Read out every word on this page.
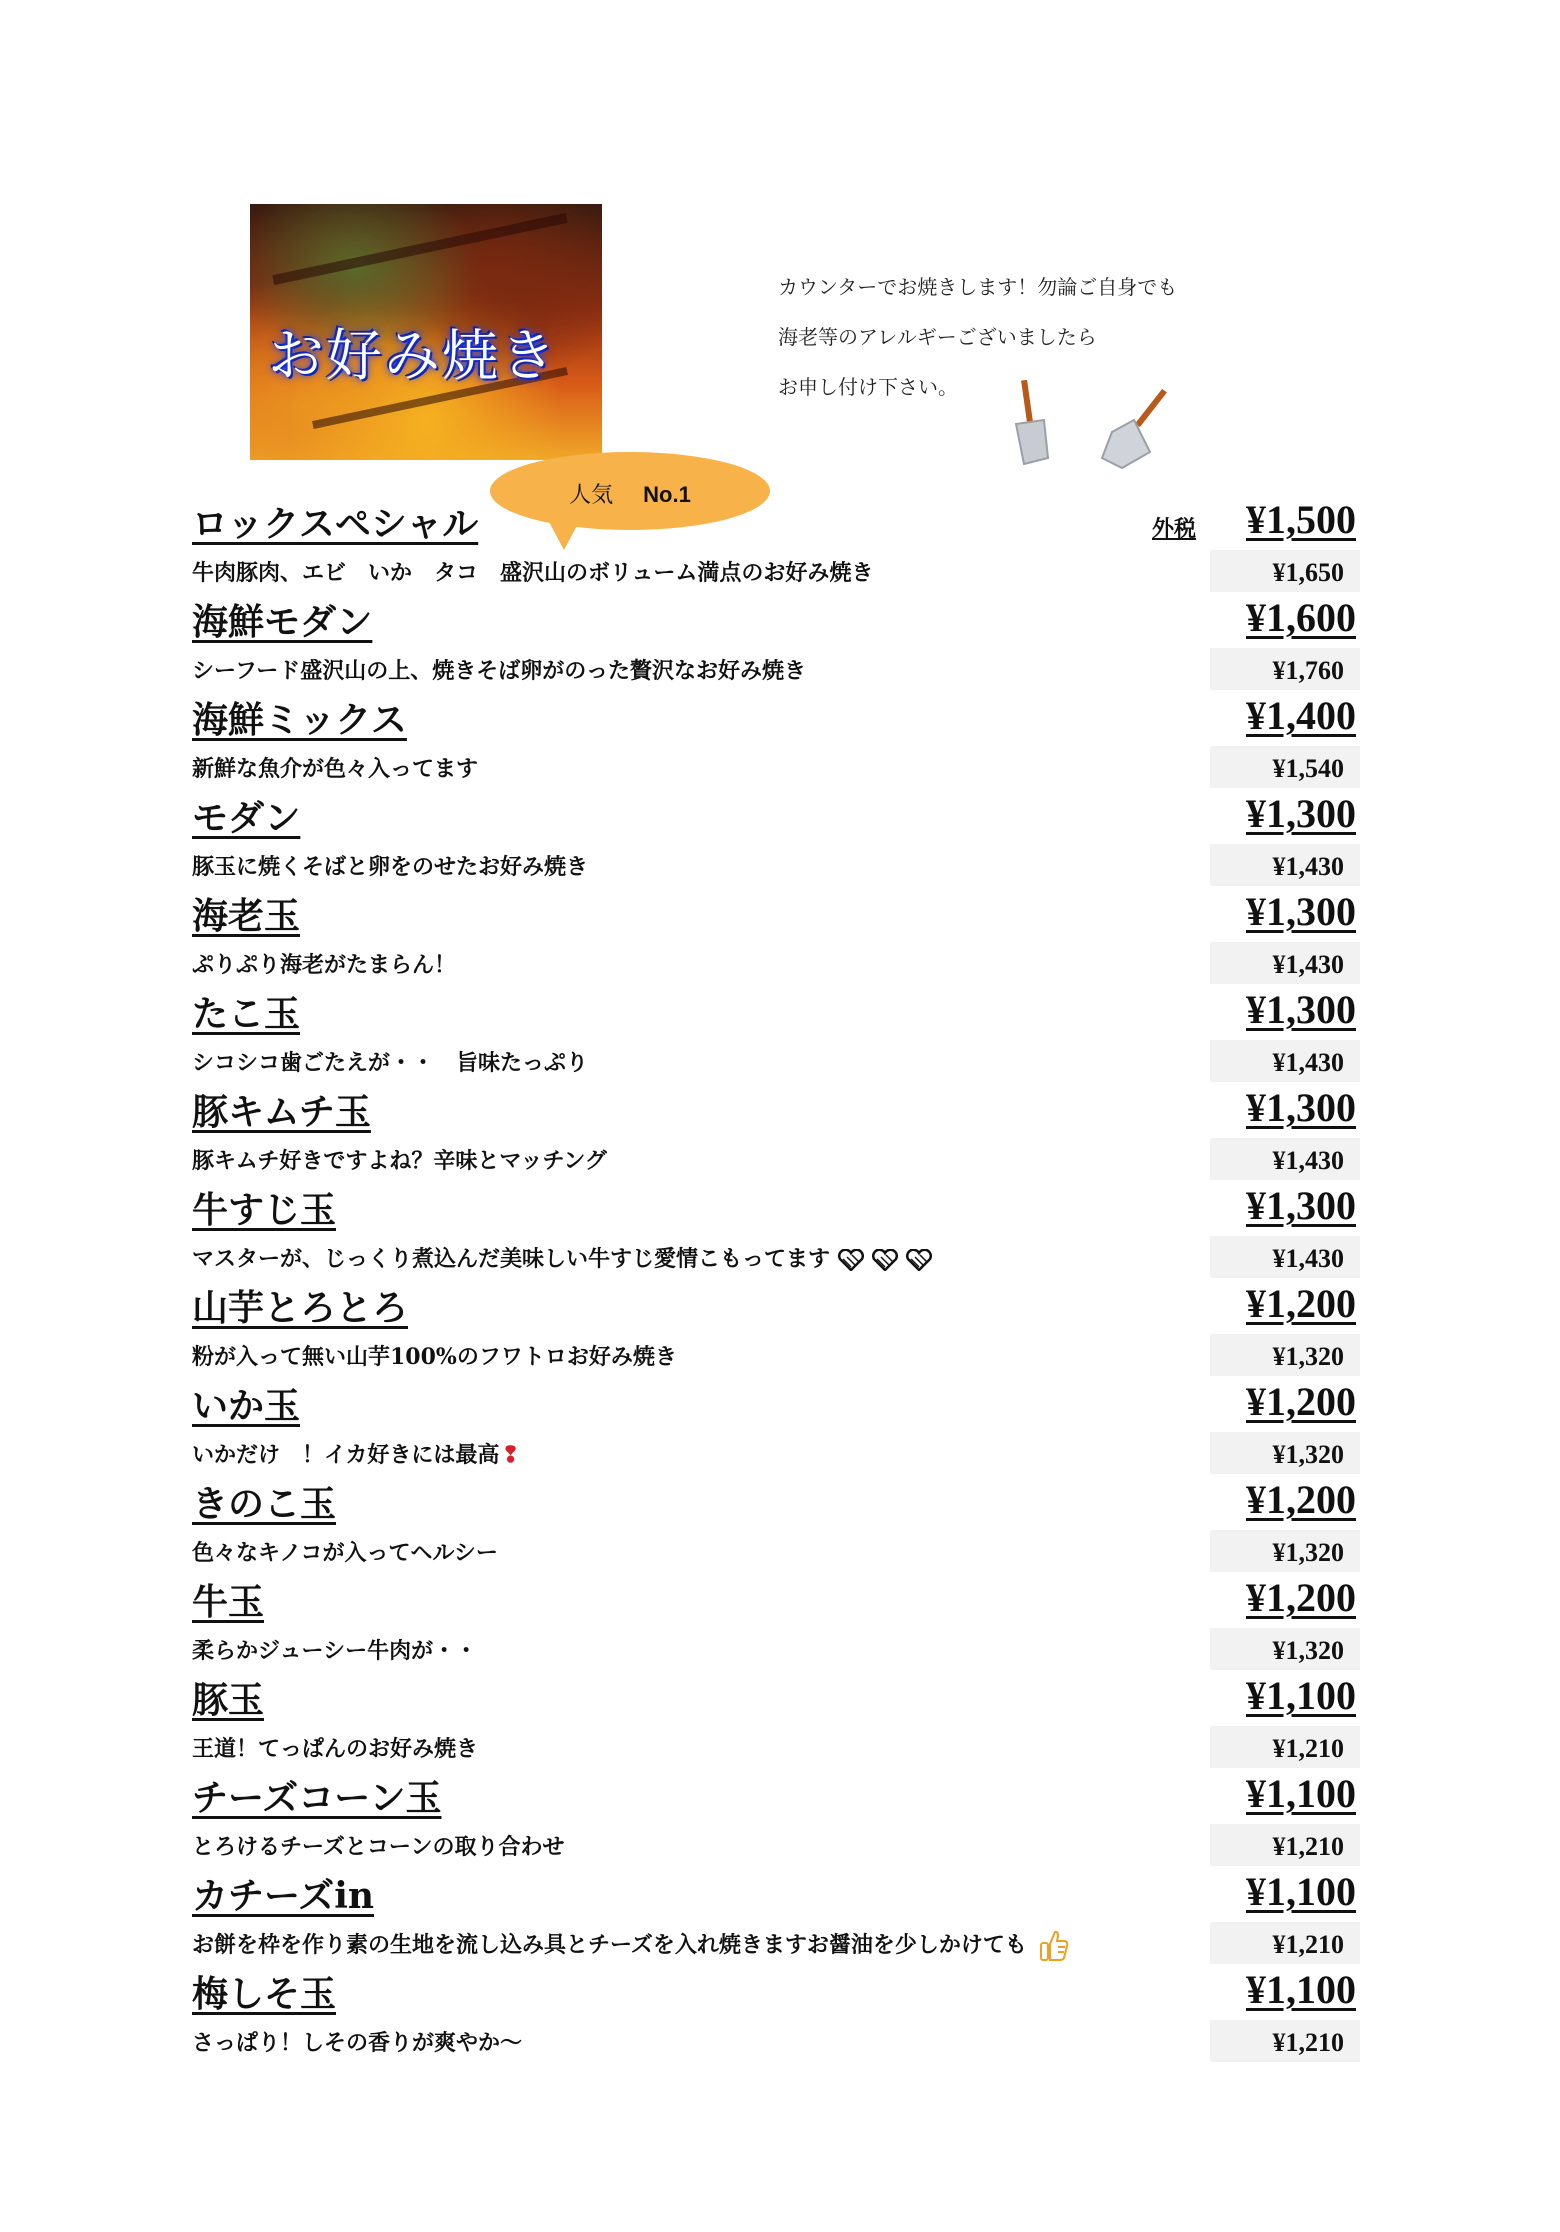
お好み焼き
カウンターでお焼きします！勿論ご自身でも
海老等のアレルギーございましたら
お申し付け下さい。
人気 No.1
外税
ロックスペシャル	¥1,500
牛肉豚肉、エビ　いか　タコ　盛沢山のボリューム満点のお好み焼き	¥1,650
海鮮モダン	¥1,600
シーフード盛沢山の上、焼きそば卵がのった贅沢なお好み焼き	¥1,760
海鮮ミックス	¥1,400
新鮮な魚介が色々入ってます	¥1,540
モダン	¥1,300
豚玉に焼くそばと卵をのせたお好み焼き	¥1,430
海老玉	¥1,300
ぷりぷり海老がたまらん！	¥1,430
たこ玉	¥1,300
シコシコ歯ごたえが・・　旨味たっぷり	¥1,430
豚キムチ玉	¥1,300
豚キムチ好きですよね？辛味とマッチング	¥1,430
牛すじ玉	¥1,300
マスターが、じっくり煮込んだ美味しい牛すじ愛情こもってます	¥1,430
山芋とろとろ	¥1,200
粉が入って無い山芋100%のフワトロお好み焼き	¥1,320
いか玉	¥1,200
いかだけ　！イカ好きには最高❢	¥1,320
きのこ玉	¥1,200
色々なキノコが入ってヘルシー	¥1,320
牛玉	¥1,200
柔らかジューシー牛肉が・・	¥1,320
豚玉	¥1,100
王道！てっぱんのお好み焼き	¥1,210
チーズコーン玉	¥1,100
とろけるチーズとコーンの取り合わせ	¥1,210
カチーズin	¥1,100
お餅を枠を作り素の生地を流し込み具とチーズを入れ焼きますお醤油を少しかけても	¥1,210
梅しそ玉	¥1,100
さっぱり！しその香りが爽やか～	¥1,210
